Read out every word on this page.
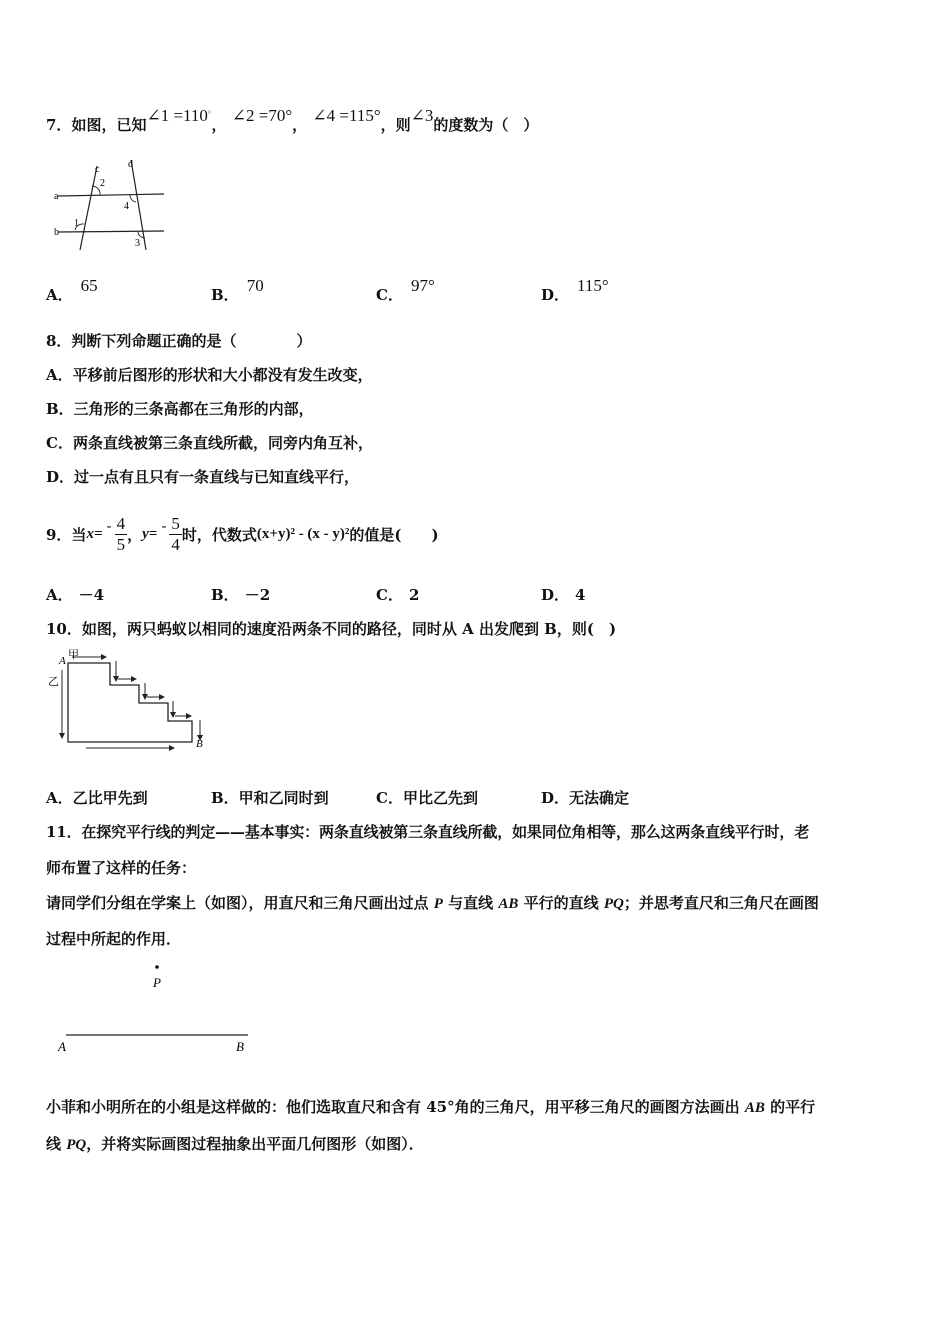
7．如图，已知∠1 =110°， ∠2 =70°， ∠4 =115°，则∠3的度数为（　）
a
b
c	d
2
1
4
3
A． 65	B． 70	C． 97°	D． 115°
8．判断下列命题正确的是（　　　　）
A．平移前后图形的形状和大小都没有发生改变，
B．三角形的三条高都在三角形的内部，
C．两条直线被第三条直线所截，同旁内角互补，
D．过一点有且只有一条直线与已知直线平行，
9．当 $x= - \frac{4}{5}$ ， $y= - \frac{5}{4}$ 时，代数式 (x+y)² - (x - y)² 的值是(　　)
A． －4	B． －2	C． 2	D． 4
10．如图，两只蚂蚁以相同的速度沿两条不同的路径，同时从 A 出发爬到 B，则(　)
A
B
甲
乙
A．乙比甲先到	B．甲和乙同时到	C．甲比乙先到	D．无法确定
11．在探究平行线的判定——基本事实：两条直线被第三条直线所截，如果同位角相等，那么这两条直线平行时，老
师布置了这样的任务：
请同学们分组在学案上（如图），用直尺和三角尺画出过点 P 与直线 AB 平行的直线 PQ；并思考直尺和三角尺在画图
过程中所起的作用．
P
A	B
小菲和小明所在的小组是这样做的：他们选取直尺和含有 45°角的三角尺，用平移三角尺的画图方法画出 AB 的平行
线 PQ，并将实际画图过程抽象出平面几何图形（如图）．
